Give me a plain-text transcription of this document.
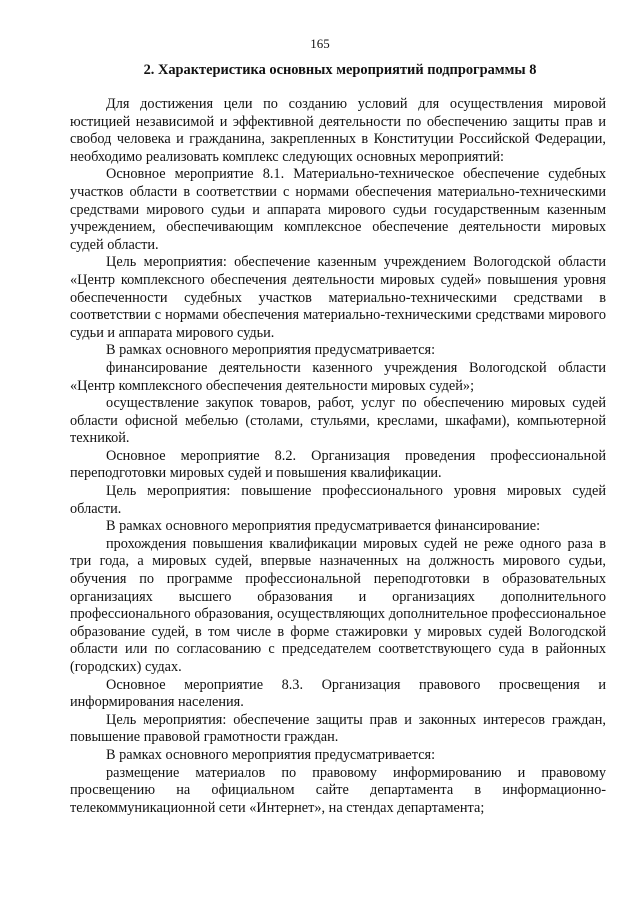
165
2. Характеристика основных мероприятий подпрограммы 8

Для достижения цели по созданию условий для осуществления мировой юстицией независимой и эффективной деятельности по обеспечению защиты прав и свобод человека и гражданина, закрепленных в Конституции Российской Федерации, необходимо реализовать комплекс следующих основных мероприятий:

Основное мероприятие 8.1. Материально-техническое обеспечение судебных участков области в соответствии с нормами обеспечения материально-техническими средствами мирового судьи и аппарата мирового судьи государственным казенным учреждением, обеспечивающим комплексное обеспечение деятельности мировых судей области.

Цель мероприятия: обеспечение казенным учреждением Вологодской области «Центр комплексного обеспечения деятельности мировых судей» повышения уровня обеспеченности судебных участков материально-техническими средствами в соответствии с нормами обеспечения материально-техническими средствами мирового судьи и аппарата мирового судьи.

В рамках основного мероприятия предусматривается:

финансирование деятельности казенного учреждения Вологодской области «Центр комплексного обеспечения деятельности мировых судей»;

осуществление закупок товаров, работ, услуг по обеспечению мировых судей области офисной мебелью (столами, стульями, креслами, шкафами), компьютерной техникой.

Основное мероприятие 8.2. Организация проведения профессиональной переподготовки мировых судей и повышения квалификации.

Цель мероприятия: повышение профессионального уровня мировых судей области.

В рамках основного мероприятия предусматривается финансирование:

прохождения повышения квалификации мировых судей не реже одного раза в три года, а мировых судей, впервые назначенных на должность мирового судьи, обучения по программе профессиональной переподготовки в образовательных организациях высшего образования и организациях дополнительного профессионального образования, осуществляющих дополнительное профессиональное образование судей, в том числе в форме стажировки у мировых судей Вологодской области или по согласованию с председателем соответствующего суда в районных (городских) судах.

Основное мероприятие 8.3. Организация правового просвещения и информирования населения.

Цель мероприятия: обеспечение защиты прав и законных интересов граждан, повышение правовой грамотности граждан.

В рамках основного мероприятия предусматривается:

размещение материалов по правовому информированию и правовому просвещению на официальном сайте департамента в информационно-телекоммуникационной сети «Интернет», на стендах департамента;
